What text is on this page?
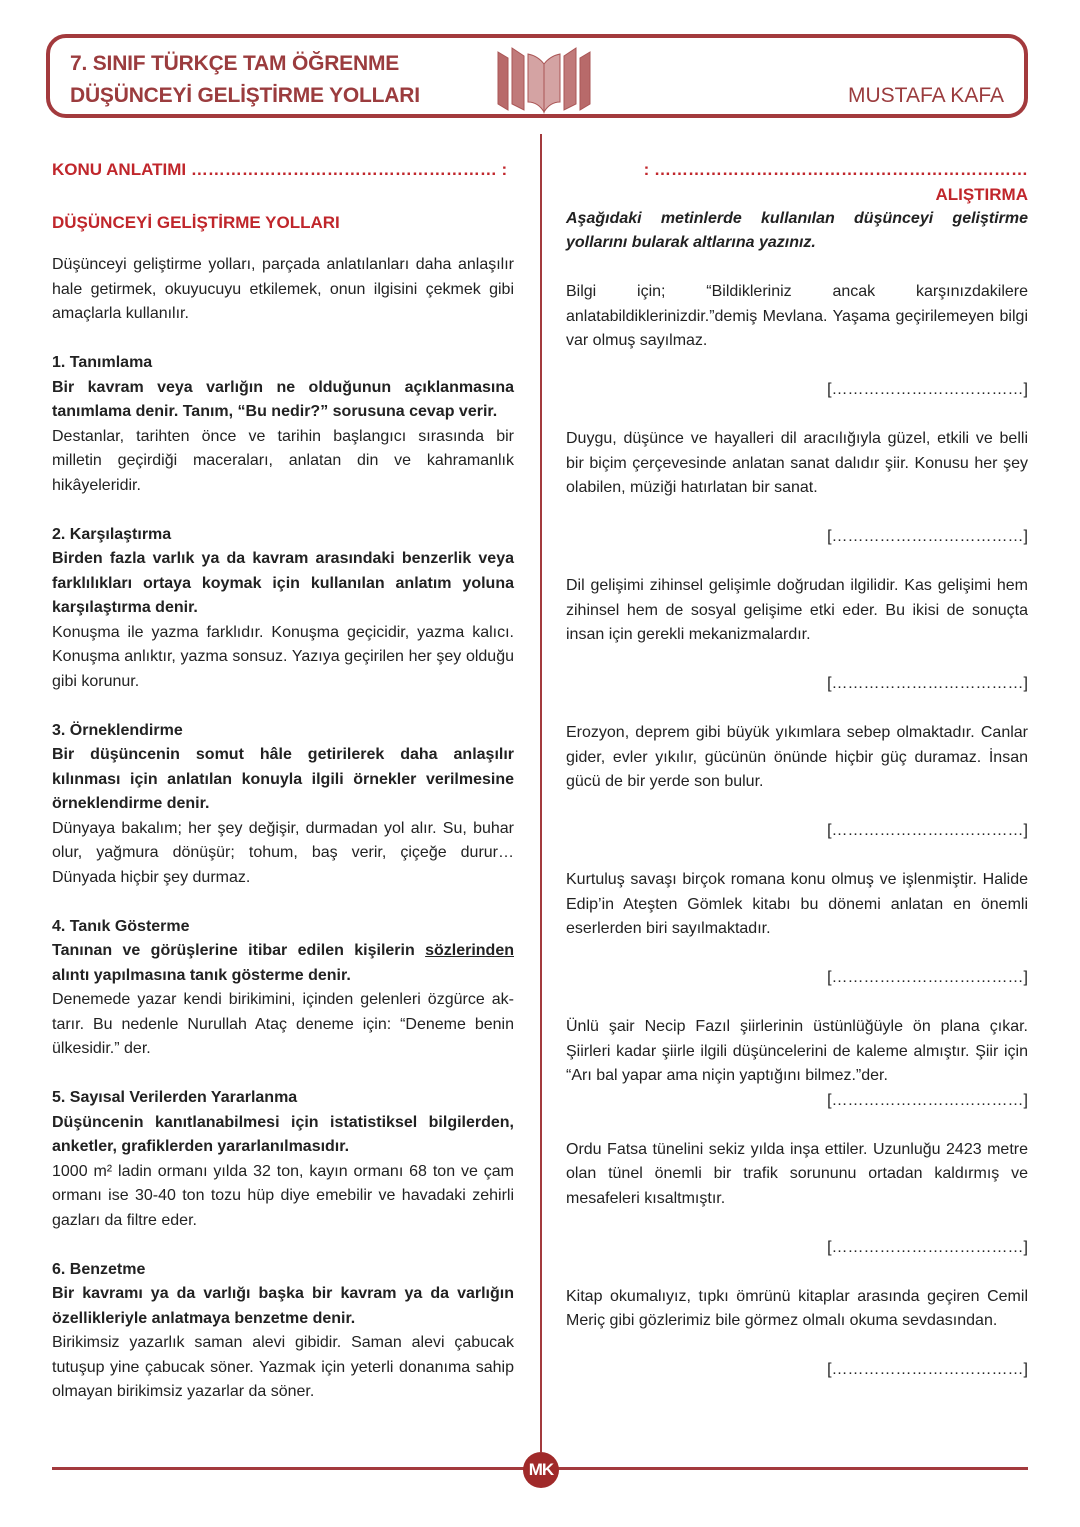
7. SINIF TÜRKÇE TAM ÖĞRENME
DÜŞÜNCEYİ GELİŞTİRME YOLLARI	MUSTAFA KAFA
KONU ANLATIMI ……………………………………………… :
DÜŞÜNCEYİ GELİŞTİRME YOLLARI
Düşünceyi geliştirme yolları, parçada anlatılanları daha anlaşılır hale getirmek, okuyucuyu etkilemek, onun ilgisini çekmek gibi amaçlarla kullanılır.
1. Tanımlama
Bir kavram veya varlığın ne olduğunun açıklanmasına tanımlama denir. Tanım, “Bu nedir?” sorusuna cevap verir.
Destanlar, tarihten önce ve tarihin başlangıcı sırasında bir milletin geçirdiği maceraları, anlatan din ve kahramanlık hikâyeleridir.
2. Karşılaştırma
Birden fazla varlık ya da kavram arasındaki benzerlik veya farklılıkları ortaya koymak için kullanılan anlatım yoluna karşılaştırma denir.
Konuşma ile yazma farklıdır. Konuşma geçicidir, yazma kalıcı. Konuşma anlıktır, yazma sonsuz. Yazıya geçirilen her şey olduğu gibi korunur.
3. Örneklendirme
Bir düşüncenin somut hâle getirilerek daha anlaşılır kılınması için anlatılan konuyla ilgili örnekler verilmesine örneklendirme denir.
Dünyaya bakalım; her şey değişir, durmadan yol alır. Su, buhar olur, yağmura dönüşür; tohum, baş verir, çiçeğe durur… Dünyada hiçbir şey durmaz.
4. Tanık Gösterme
Tanınan ve görüşlerine itibar edilen kişilerin sözlerinden alıntı yapılmasına tanık gösterme denir.
Denemede yazar kendi birikimini, içinden gelenleri özgürce ak-tarır. Bu nedenle Nurullah Ataç deneme için: “Deneme benin ülkesidir.” der.
5. Sayısal Verilerden Yararlanma
Düşüncenin kanıtlanabilmesi için istatistiksel bilgilerden, anketler, grafiklerden yararlanılmasıdır.
1000 m² ladin ormanı yılda 32 ton, kayın ormanı 68 ton ve çam ormanı ise 30-40 ton tozu hüp diye emebilir ve havadaki zehirli gazları da filtre eder.
6. Benzetme
Bir kavramı ya da varlığı başka bir kavram ya da varlığın özellikleriyle anlatmaya benzetme denir.
Birikimsiz yazarlık saman alevi gibidir. Saman alevi çabucak tutuşup yine çabucak söner. Yazmak için yeterli donanıma sahip olmayan birikimsiz yazarlar da söner.
: ………………………………………………………… ALIŞTIRMA
Aşağıdaki metinlerde kullanılan düşünceyi geliştirme yollarını bularak altlarına yazınız.
Bilgi için; “Bildikleriniz ancak karşınızdakilere anlatabildiklerinizdir.”demiş Mevlana. Yaşama geçirilemeyen bilgi var olmuş sayılmaz.
[………………………………]
Duygu, düşünce ve hayalleri dil aracılığıyla güzel, etkili ve belli bir biçim çerçevesinde anlatan sanat dalıdır şiir. Konusu her şey olabilen, müziği hatırlatan bir sanat.
[………………………………]
Dil gelişimi zihinsel gelişimle doğrudan ilgilidir. Kas gelişimi hem zihinsel hem de sosyal gelişime etki eder. Bu ikisi de sonuçta insan için gerekli mekanizmalardır.
[………………………………]
Erozyon, deprem gibi büyük yıkımlara sebep olmaktadır. Canlar gider, evler yıkılır, gücünün önünde hiçbir güç duramaz. İnsan gücü de bir yerde son bulur.
[………………………………]
Kurtuluş savaşı birçok romana konu olmuş ve işlenmiştir. Halide Edip’in Ateşten Gömlek kitabı bu dönemi anlatan en önemli eserlerden biri sayılmaktadır.
[………………………………]
Ünlü şair Necip Fazıl şiirlerinin üstünlüğüyle ön plana çıkar. Şiirleri kadar şiirle ilgili düşüncelerini de kaleme almıştır. Şiir için “Arı bal yapar ama niçin yaptığını bilmez.”der.
[………………………………]
Ordu Fatsa tünelini sekiz yılda inşa ettiler. Uzunluğu 2423 metre olan tünel önemli bir trafik sorununu ortadan kaldırmış ve mesafeleri kısaltmıştır.
[………………………………]
Kitap okumalıyız, tıpkı ömrünü kitaplar arasında geçiren Cemil Meriç gibi gözlerimiz bile görmez olmalı okuma sevdasından.
[………………………………]
MK
